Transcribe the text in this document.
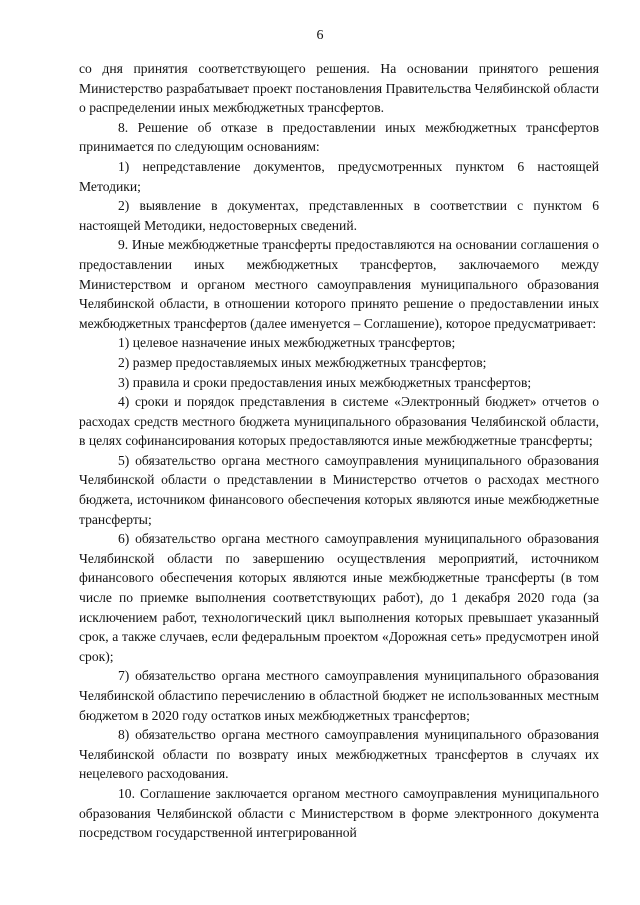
6

со дня принятия соответствующего решения. На основании принятого решения Министерство разрабатывает проект постановления Правительства Челябинской области о распределении иных межбюджетных трансфертов.

8. Решение об отказе в предоставлении иных межбюджетных трансфертов принимается по следующим основаниям:

1) непредставление документов, предусмотренных пунктом 6 настоящей Методики;

2) выявление в документах, представленных в соответствии с пунктом 6 настоящей Методики, недостоверных сведений.

9. Иные межбюджетные трансферты предоставляются на основании соглашения о предоставлении иных межбюджетных трансфертов, заключаемого между Министерством и органом местного самоуправления муниципального образования Челябинской области, в отношении которого принято решение о предоставлении иных межбюджетных трансфертов (далее именуется – Соглашение), которое предусматривает:

1) целевое назначение иных межбюджетных трансфертов;

2) размер предоставляемых иных межбюджетных трансфертов;

3) правила и сроки предоставления иных межбюджетных трансфертов;

4) сроки и порядок представления в системе «Электронный бюджет» отчетов о расходах средств местного бюджета муниципального образования Челябинской области, в целях софинансирования которых предоставляются иные межбюджетные трансферты;

5) обязательство органа местного самоуправления муниципального образования Челябинской области о представлении в Министерство отчетов о расходах местного бюджета, источником финансового обеспечения которых являются иные межбюджетные трансферты;

6) обязательство органа местного самоуправления муниципального образования Челябинской области по завершению осуществления мероприятий, источником финансового обеспечения которых являются иные межбюджетные трансферты (в том числе по приемке выполнения соответствующих работ), до 1 декабря 2020 года (за исключением работ, технологический цикл выполнения которых превышает указанный срок, а также случаев, если федеральным проектом «Дорожная сеть» предусмотрен иной срок);

7) обязательство органа местного самоуправления муниципального образования Челябинской областипо перечислению в областной бюджет не использованных местным бюджетом в 2020 году остатков иных межбюджетных трансфертов;

8) обязательство органа местного самоуправления муниципального образования Челябинской области по возврату иных межбюджетных трансфертов в случаях их нецелевого расходования.

10. Соглашение заключается органом местного самоуправления муниципального образования Челябинской области с Министерством в форме электронного документа посредством государственной интегрированной
